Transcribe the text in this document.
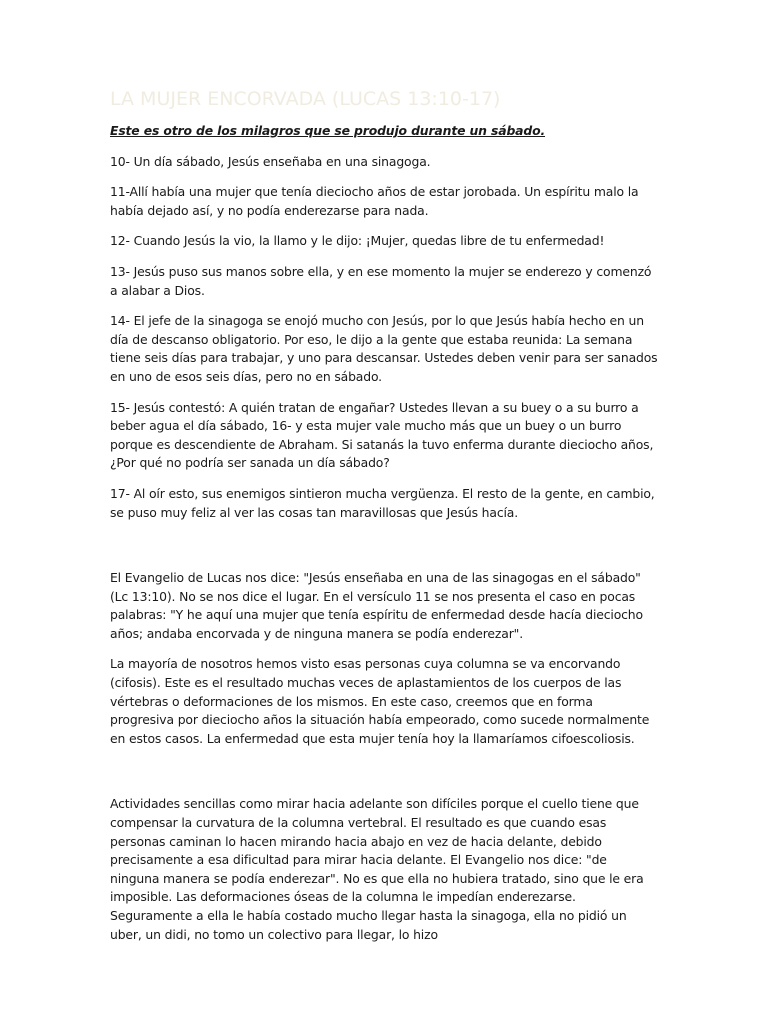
LA MUJER ENCORVADA (LUCAS 13:10-17)

Este es otro de los milagros que se produjo durante un sábado.

10- Un día sábado, Jesús enseñaba en una sinagoga.

11-Allí había una mujer que tenía dieciocho años de estar jorobada. Un espíritu malo la había dejado así, y no podía enderezarse para nada.

12- Cuando Jesús la vio, la llamo y le dijo: ¡Mujer, quedas libre de tu enfermedad!

13- Jesús puso sus manos sobre ella, y en ese momento la mujer se enderezo y comenzó a alabar a Dios.

14- El jefe de la sinagoga se enojó mucho con Jesús, por lo que Jesús había hecho en un día de descanso obligatorio. Por eso, le dijo a la gente que estaba reunida: La semana tiene seis días para trabajar, y uno para descansar. Ustedes deben venir para ser sanados en uno de esos seis días, pero no en sábado.

15- Jesús contestó: A quién tratan de engañar? Ustedes llevan a su buey o a su burro a beber agua el día sábado, 16- y esta mujer vale mucho más que un buey o un burro porque es descendiente de Abraham. Si satanás la tuvo enferma durante dieciocho años, ¿Por qué no podría ser sanada un día sábado?

17- Al oír esto, sus enemigos sintieron mucha vergüenza. El resto de la gente, en cambio, se puso muy feliz al ver las cosas tan maravillosas que Jesús hacía.

El Evangelio de Lucas nos dice: "Jesús enseñaba en una de las sinagogas en el sábado" (Lc 13:10). No se nos dice el lugar. En el versículo 11 se nos presenta el caso en pocas palabras: "Y he aquí una mujer que tenía espíritu de enfermedad desde hacía dieciocho años; andaba encorvada y de ninguna manera se podía enderezar".

La mayoría de nosotros hemos visto esas personas cuya columna se va encorvando (cifosis). Este es el resultado muchas veces de aplastamientos de los cuerpos de las vértebras o deformaciones de los mismos. En este caso, creemos que en forma progresiva por dieciocho años la situación había empeorado, como sucede normalmente en estos casos. La enfermedad que esta mujer tenía hoy la llamaríamos cifoescoliosis.

Actividades sencillas como mirar hacia adelante son difíciles porque el cuello tiene que compensar la curvatura de la columna vertebral. El resultado es que cuando esas personas caminan lo hacen mirando hacia abajo en vez de hacia delante, debido precisamente a esa dificultad para mirar hacia delante. El Evangelio nos dice: "de ninguna manera se podía enderezar". No es que ella no hubiera tratado, sino que le era imposible. Las deformaciones óseas de la columna le impedían enderezarse. Seguramente a ella le había costado mucho llegar hasta la sinagoga, ella no pidió un uber, un didi, no tomo un colectivo para llegar, lo hizo
